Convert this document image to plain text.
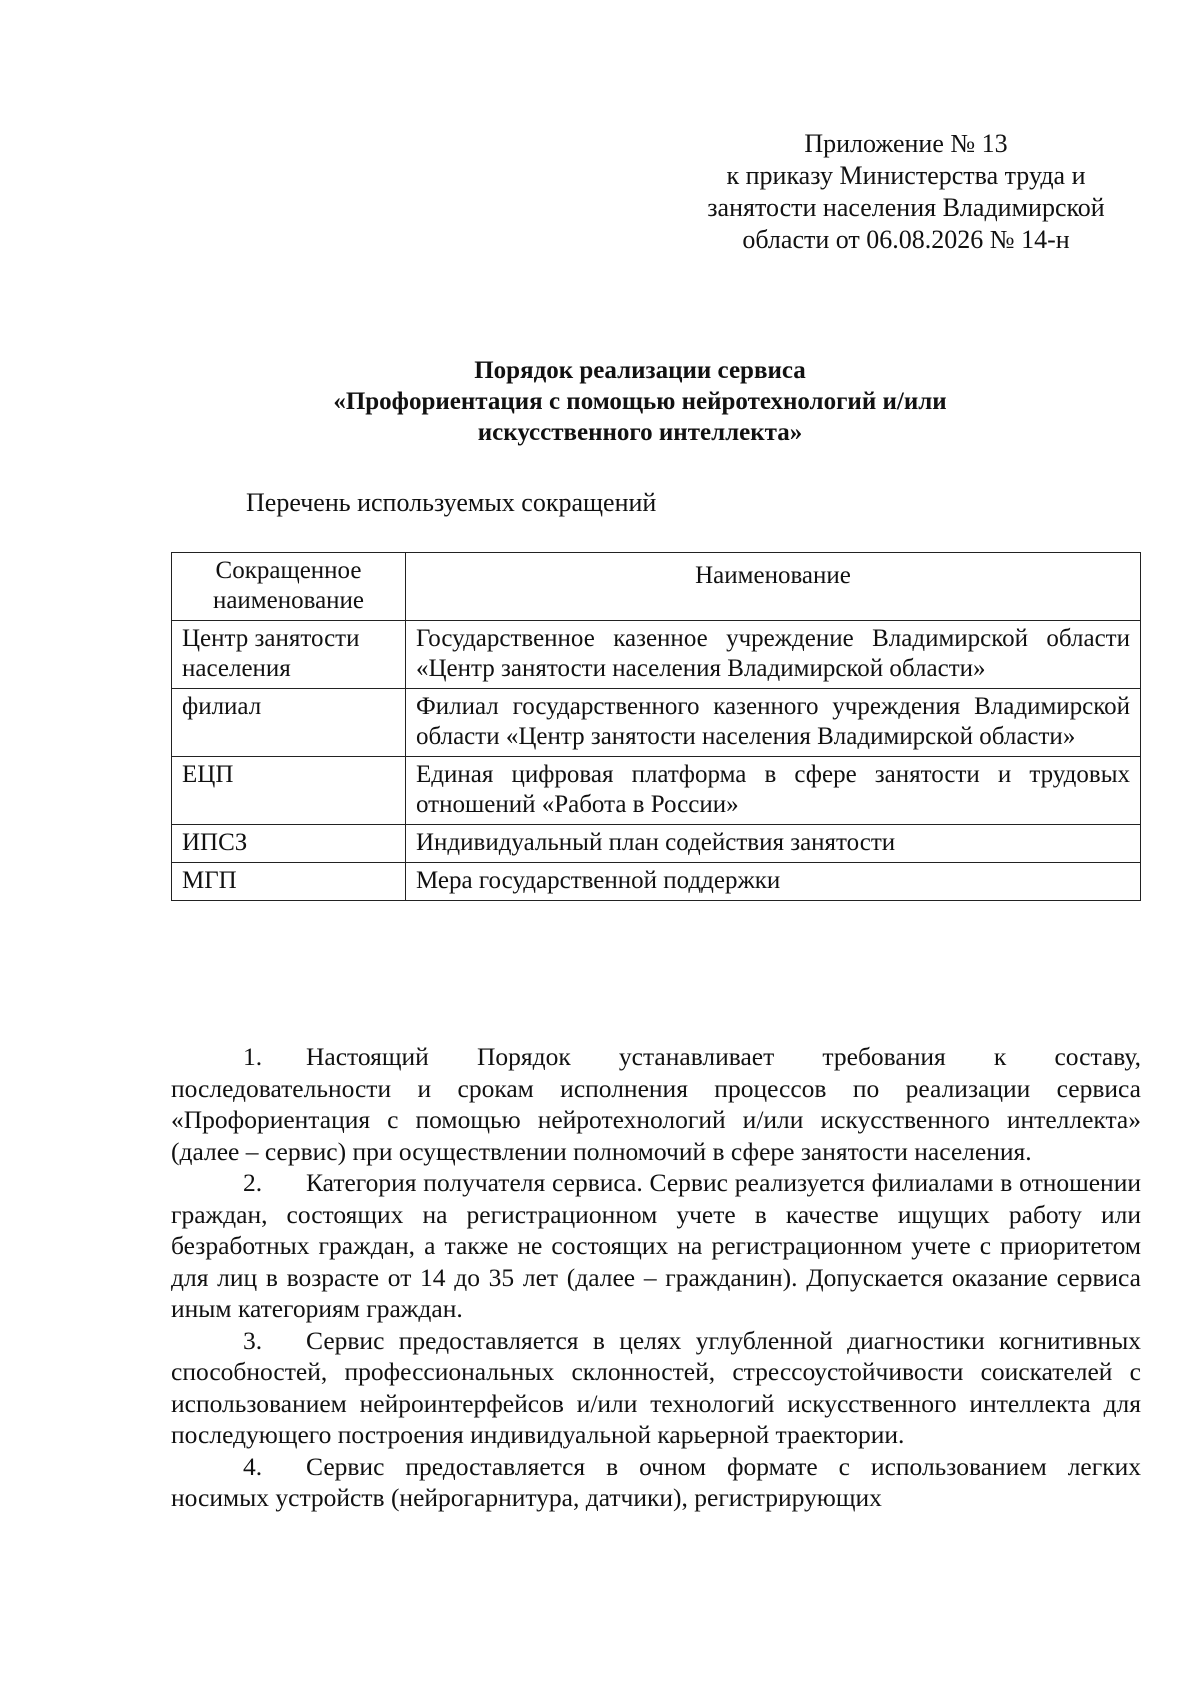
Приложение № 13
к приказу Министерства труда и
занятости населения Владимирской
области от 06.08.2026 № 14-н
Порядок реализации сервиса
«Профориентация с помощью нейротехнологий и/или
искусственного интеллекта»
Перечень используемых сокращений
Сокращенное наименование	Наименование
Центр занятости населения	Государственное казенное учреждение Владимирской области «Центр занятости населения Владимирской области»
филиал	Филиал государственного казенного учреждения Владимирской области «Центр занятости населения Владимирской области»
ЕЦП	Единая цифровая платформа в сфере занятости и трудовых отношений «Работа в России»
ИПСЗ	Индивидуальный план содействия занятости
МГП	Мера государственной поддержки

1. Настоящий Порядок устанавливает требования к составу, последовательности и срокам исполнения процессов по реализации сервиса «Профориентация с помощью нейротехнологий и/или искусственного интеллекта» (далее – сервис) при осуществлении полномочий в сфере занятости населения.

2. Категория получателя сервиса. Сервис реализуется филиалами в отношении граждан, состоящих на регистрационном учете в качестве ищущих работу или безработных граждан, а также не состоящих на регистрационном учете с приоритетом для лиц в возрасте от 14 до 35 лет (далее – гражданин). Допускается оказание сервиса иным категориям граждан.

3. Сервис предоставляется в целях углубленной диагностики когнитивных способностей, профессиональных склонностей, стрессоустойчивости соискателей с использованием нейроинтерфейсов и/или технологий искусственного интеллекта для последующего построения индивидуальной карьерной траектории.

4. Сервис предоставляется в очном формате с использованием легких носимых устройств (нейрогарнитура, датчики), регистрирующих
